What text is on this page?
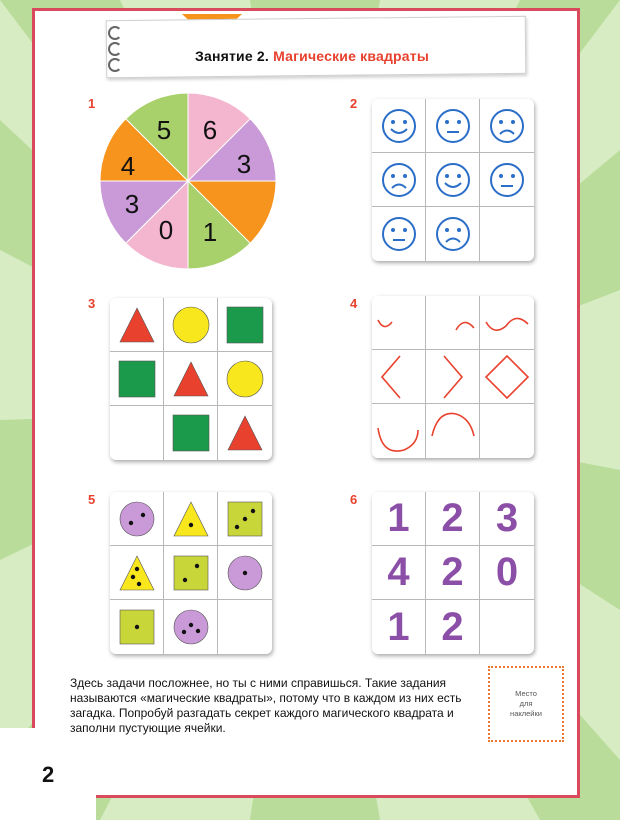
Занятие 2. Магические квадраты
1
5 6
3
1
0
3
4
2
3	4
5	6 1 2 3
4 2 0
1 2
Здесь задачи посложнее, но ты с ними справишься. Такие задания называются «магические квадраты», потому что в каждом из них есть загадка. Попробуй разгадать секрет каждого магического квадрата и заполни пустующие ячейки.
Место
для
наклейки
2
